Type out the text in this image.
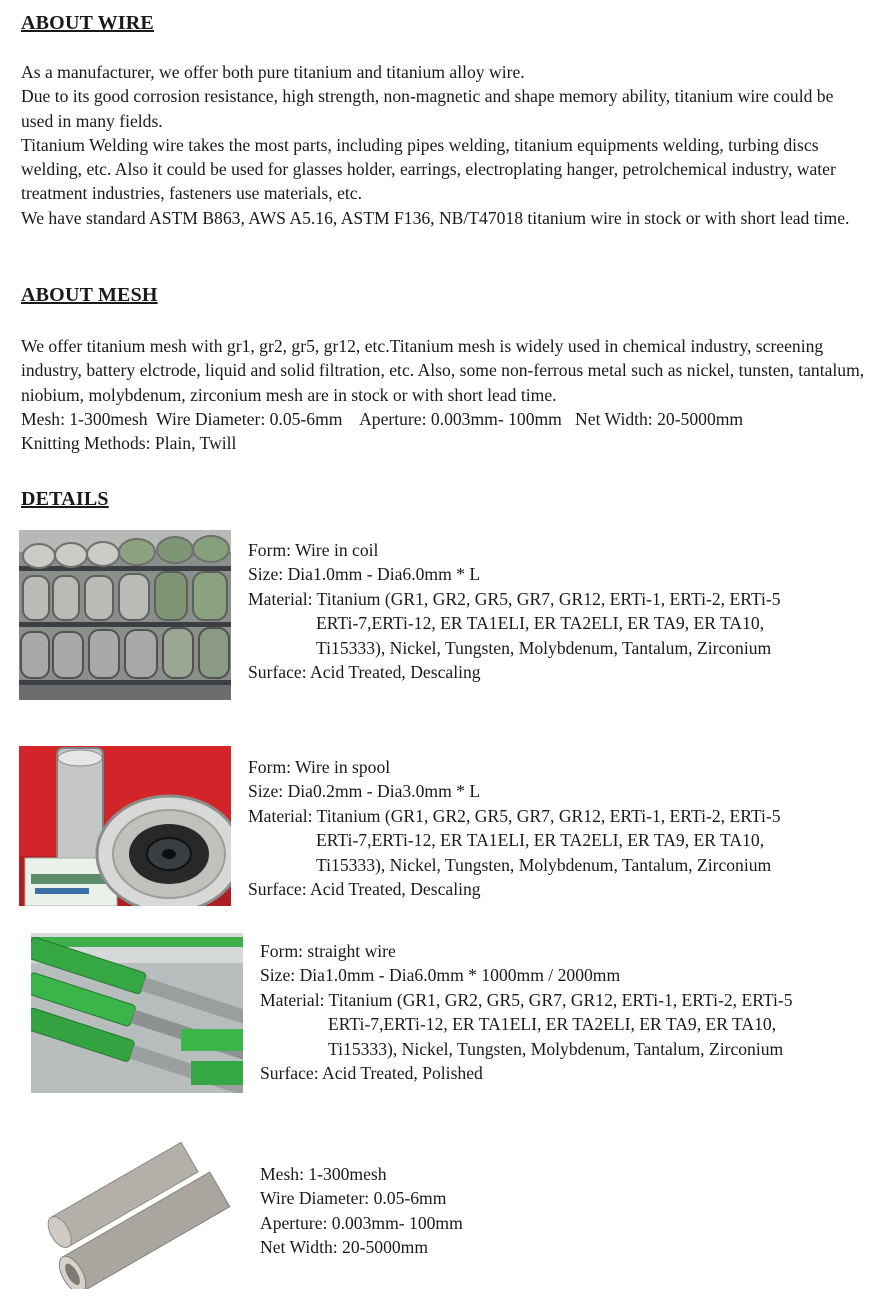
ABOUT WIRE

As a manufacturer, we offer both pure titanium and titanium alloy wire.

Due to its good corrosion resistance, high strength, non-magnetic and shape memory ability, titanium wire could be used in many fields.

Titanium Welding wire takes the most parts, including pipes welding, titanium equipments welding, turbing discs welding, etc. Also it could be used for glasses holder, earrings, electroplating hanger, petrolchemical industry, water treatment industries, fasteners use materials, etc.

We have standard ASTM B863, AWS A5.16, ASTM F136, NB/T47018 titanium wire in stock or with short lead time.

ABOUT MESH

We offer titanium mesh with gr1, gr2, gr5, gr12, etc.Titanium mesh is widely used in chemical industry, screening industry, battery elctrode, liquid and solid filtration, etc. Also, some non-ferrous metal such as nickel, tunsten, tantalum, niobium, molybdenum, zirconium mesh are in stock or with short lead time.

Mesh: 1-300mesh  Wire Diameter: 0.05-6mm    Aperture: 0.003mm- 100mm   Net Width: 20-5000mm

Knitting Methods: Plain, Twill

DETAILS
Form: Wire in coil
Size: Dia1.0mm - Dia6.0mm * L
Material: Titanium (GR1, GR2, GR5, GR7, GR12, ERTi-1, ERTi-2, ERTi-5
ERTi-7,ERTi-12, ER TA1ELI, ER TA2ELI, ER TA9, ER TA10,
Ti15333), Nickel, Tungsten, Molybdenum, Tantalum, Zirconium
Surface: Acid Treated, Descaling
Form: Wire in spool
Size: Dia0.2mm - Dia3.0mm * L
Material: Titanium (GR1, GR2, GR5, GR7, GR12, ERTi-1, ERTi-2, ERTi-5
ERTi-7,ERTi-12, ER TA1ELI, ER TA2ELI, ER TA9, ER TA10,
Ti15333), Nickel, Tungsten, Molybdenum, Tantalum, Zirconium
Surface: Acid Treated, Descaling
Form: straight wire
Size: Dia1.0mm - Dia6.0mm * 1000mm / 2000mm
Material: Titanium (GR1, GR2, GR5, GR7, GR12, ERTi-1, ERTi-2, ERTi-5
ERTi-7,ERTi-12, ER TA1ELI, ER TA2ELI, ER TA9, ER TA10,
Ti15333), Nickel, Tungsten, Molybdenum, Tantalum, Zirconium
Surface: Acid Treated, Polished
Mesh: 1-300mesh
Wire Diameter: 0.05-6mm
Aperture: 0.003mm- 100mm
Net Width: 20-5000mm
